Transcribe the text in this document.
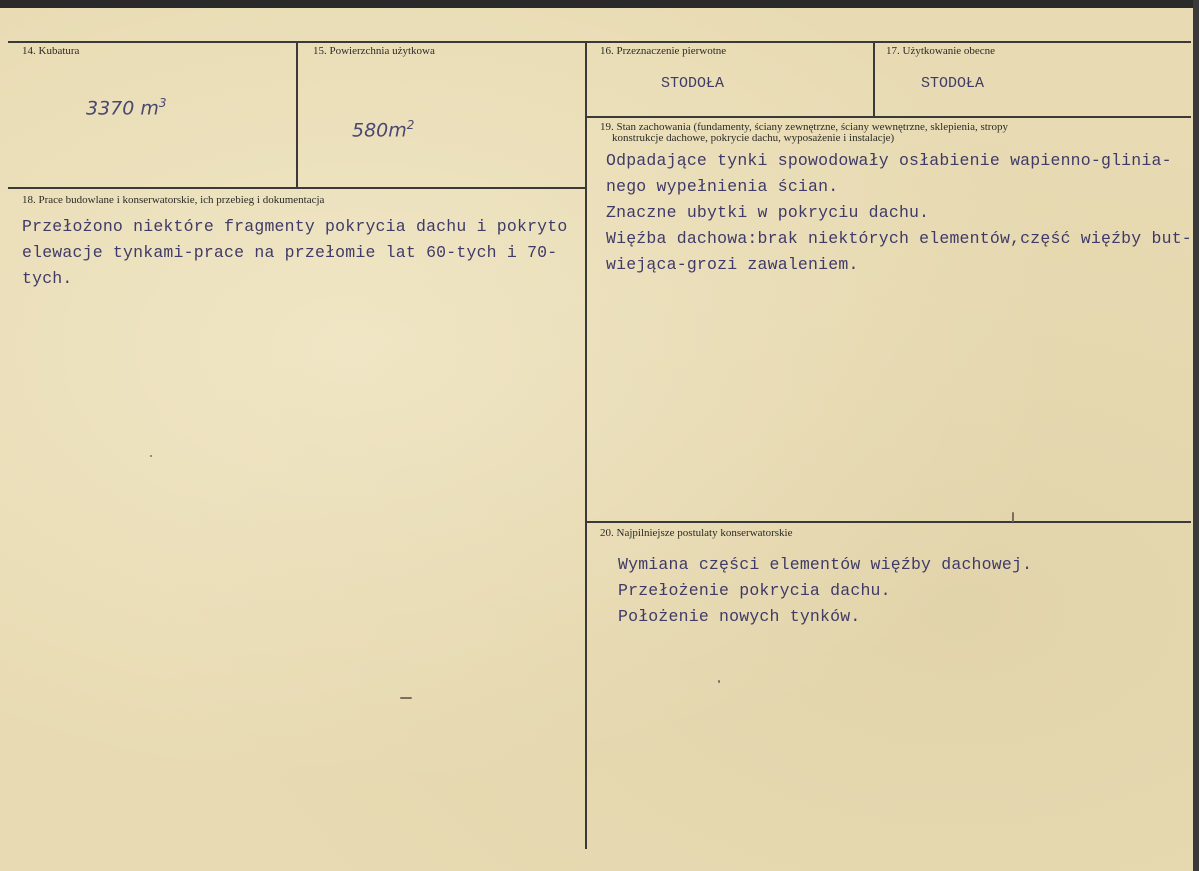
14. Kubatura
3370 $m^3$
15. Powierzchnia użytkowa
$580m^2$
16. Przeznaczenie pierwotne
STODOŁA
17. Użytkowanie obecne
STODOŁA
18. Prace budowlane i konserwatorskie, ich przebieg i dokumentacja
Przełożono niektóre fragmenty pokrycia dachu i pokryto
elewacje tynkami-prace na przełomie lat 60-tych i 70-
tych.
19. Stan zachowania (fundamenty, ściany zewnętrzne, ściany wewnętrzne, sklepienia, stropy
konstrukcje dachowe, pokrycie dachu, wyposażenie i instalacje)
Odpadające tynki spowodowały osłabienie wapienno-glinia-
nego wypełnienia ścian.
Znaczne ubytki w pokryciu dachu.
Więźba dachowa:brak niektórych elementów,część więźby but-
wiejąca-grozi zawaleniem.
20. Najpilniejsze postulaty konserwatorskie
Wymiana części elementów więźby dachowej.
Przełożenie pokrycia dachu.
Położenie nowych tynków.
